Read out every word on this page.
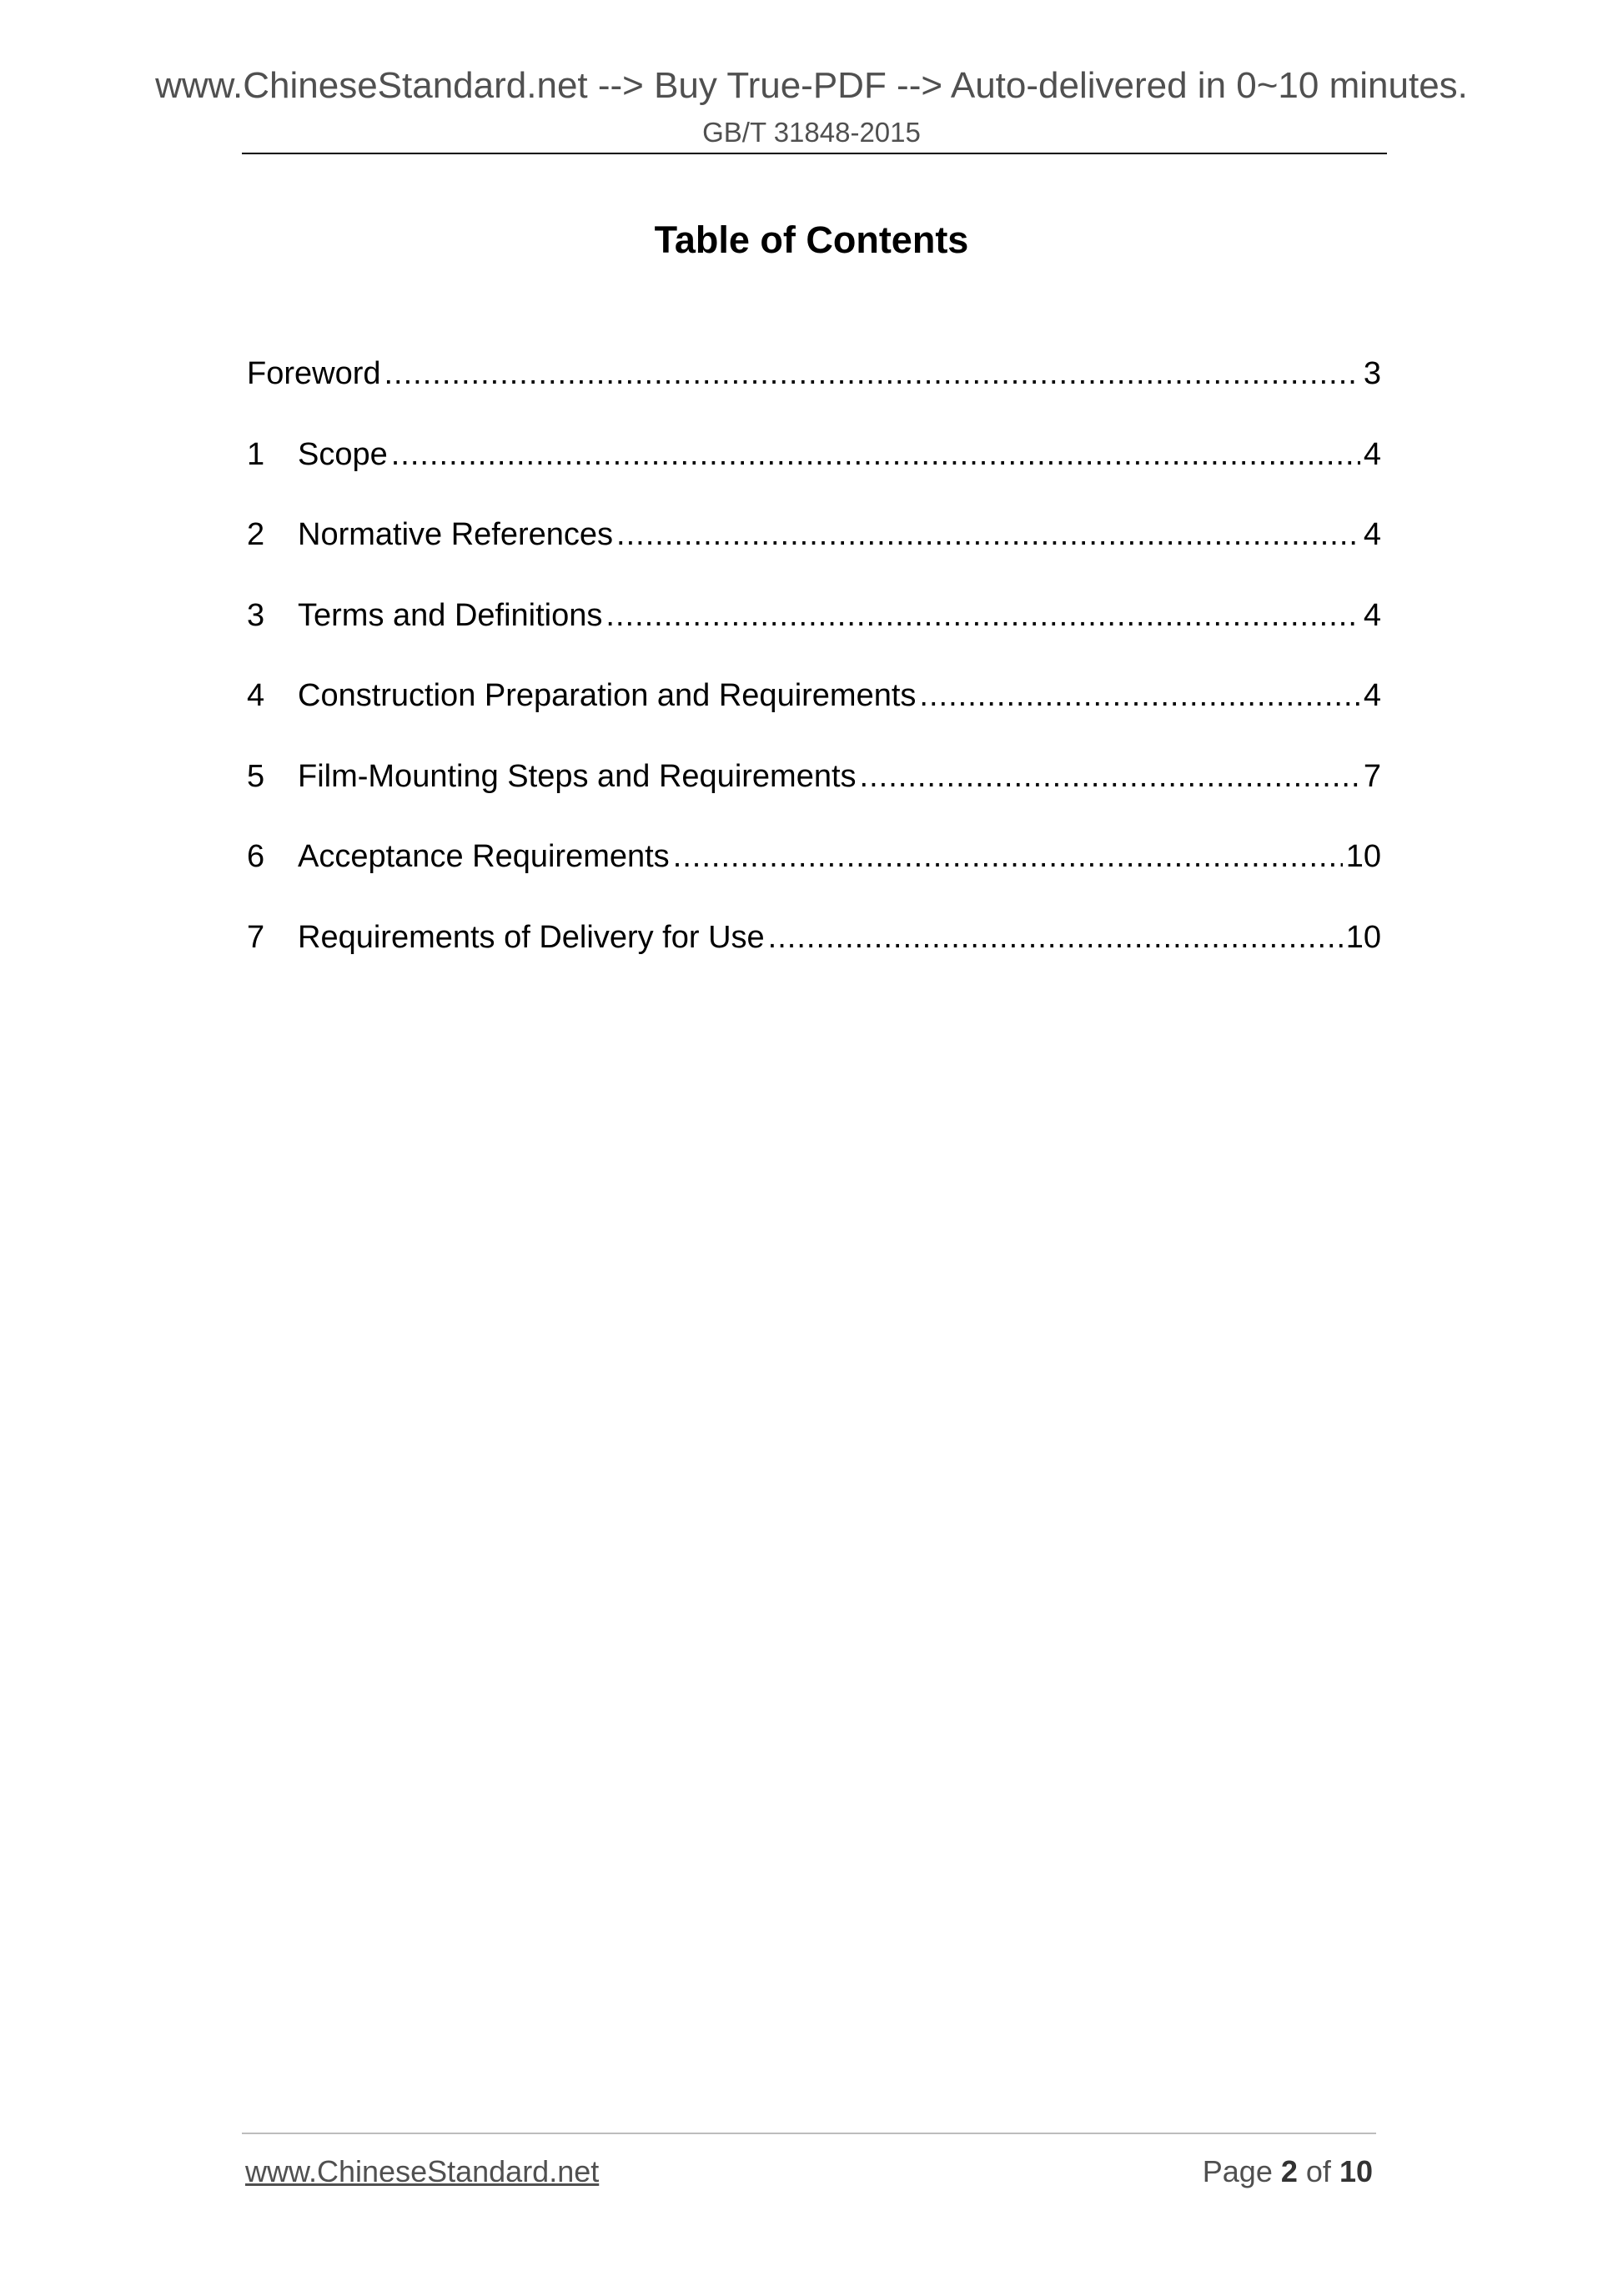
www.ChineseStandard.net --> Buy True-PDF --> Auto-delivered in 0~10 minutes.
GB/T 31848-2015
Table of Contents
Foreword .....	3
1	Scope .....	4
2	Normative References .....	4
3	Terms and Definitions .....	4
4	Construction Preparation and Requirements .....	4
5	Film-Mounting Steps and Requirements .....	7
6	Acceptance Requirements .....	10
7	Requirements of Delivery for Use .....	10
www.ChineseStandard.net	Page 2 of 10
